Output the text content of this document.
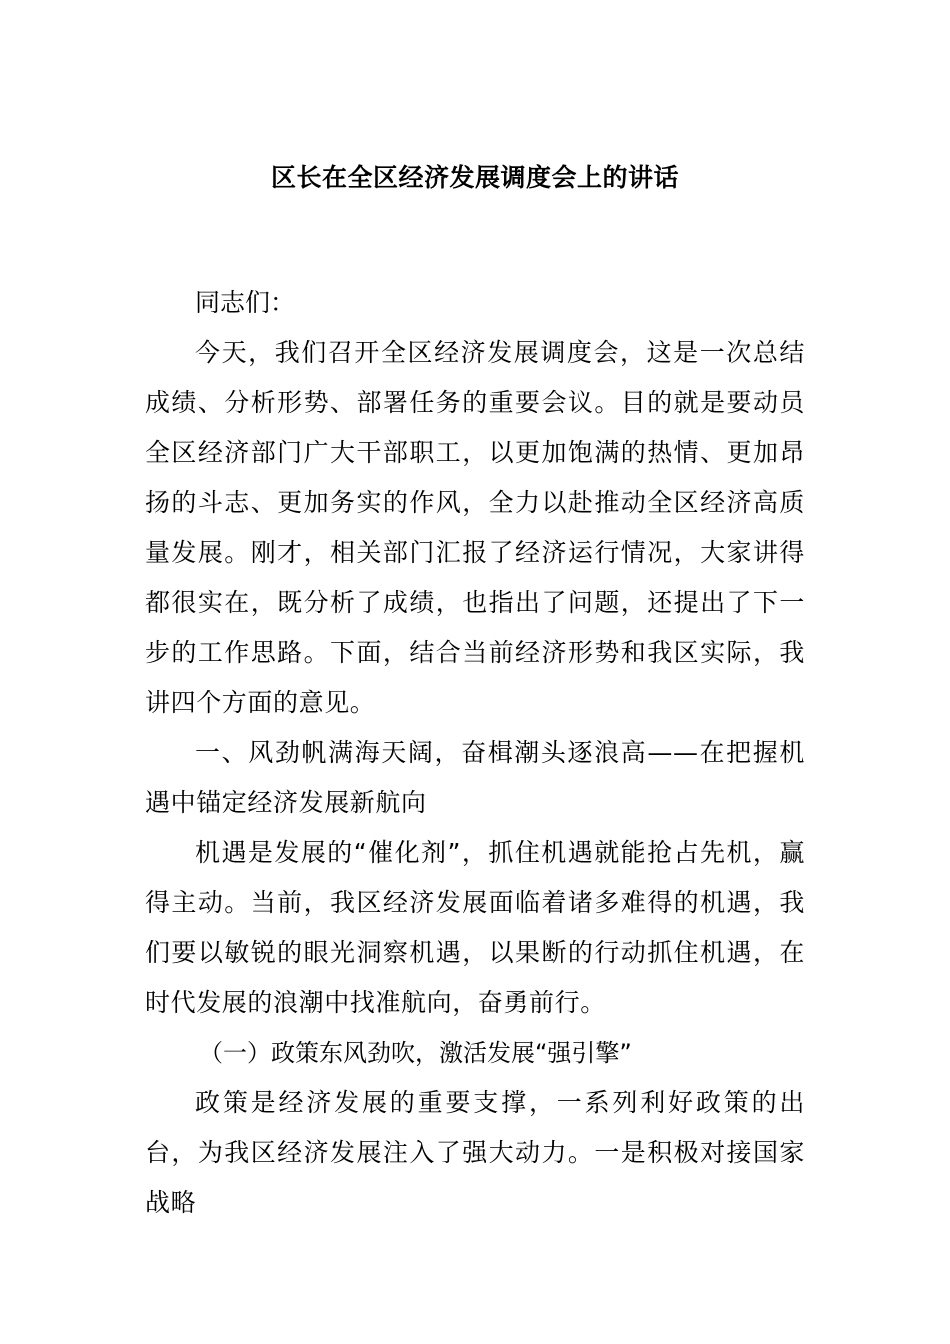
区长在全区经济发展调度会上的讲话

同志们：

今天，我们召开全区经济发展调度会，这是一次总结成绩、分析形势、部署任务的重要会议。目的就是要动员全区经济部门广大干部职工，以更加饱满的热情、更加昂扬的斗志、更加务实的作风，全力以赴推动全区经济高质量发展。刚才，相关部门汇报了经济运行情况，大家讲得都很实在，既分析了成绩，也指出了问题，还提出了下一步的工作思路。下面，结合当前经济形势和我区实际，我讲四个方面的意见。

一、风劲帆满海天阔，奋楫潮头逐浪高——在把握机遇中锚定经济发展新航向

机遇是发展的“催化剂”，抓住机遇就能抢占先机，赢得主动。当前，我区经济发展面临着诸多难得的机遇，我们要以敏锐的眼光洞察机遇，以果断的行动抓住机遇，在时代发展的浪潮中找准航向，奋勇前行。

（一）政策东风劲吹，激活发展“强引擎”

政策是经济发展的重要支撑，一系列利好政策的出台，为我区经济发展注入了强大动力。一是积极对接国家战略
